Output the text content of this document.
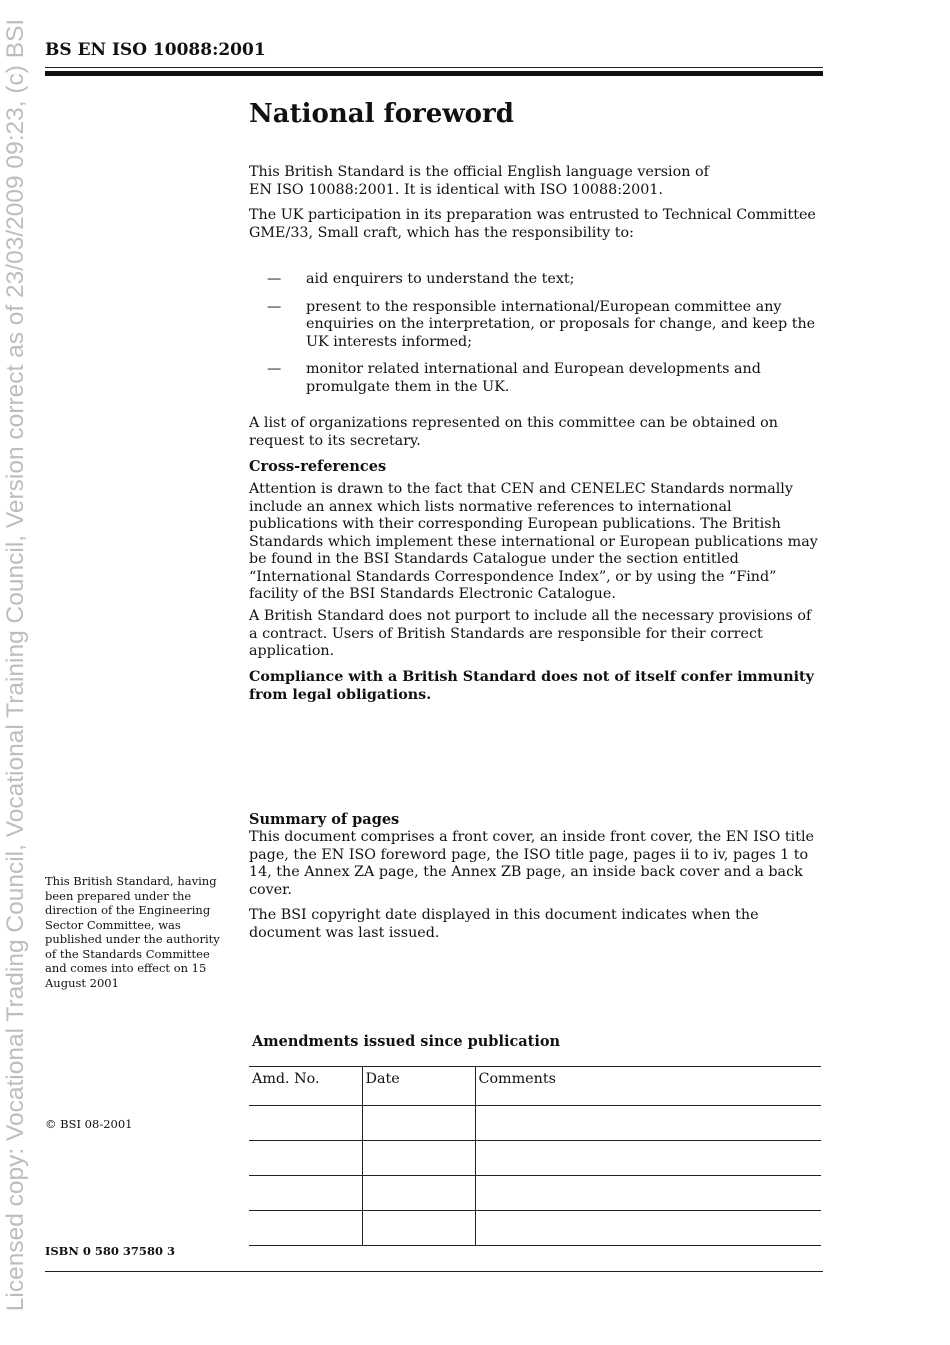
Licensed copy: Vocational Trading Council, Vocational Training Council, Version correct as of 23/03/2009 09:23, (c) BSI BS EN ISO 10088:2001
National foreword

This British Standard is the official English language version of
EN ISO 10088:2001. It is identical with ISO 10088:2001.

The UK participation in its preparation was entrusted to Technical Committee GME/33, Small craft, which has the responsibility to:
— aid enquirers to understand the text;
— present to the responsible international/European committee any enquiries on the interpretation, or proposals for change, and keep the UK interests informed;
— monitor related international and European developments and promulgate them in the UK.
A list of organizations represented on this committee can be obtained on request to its secretary.
Cross-references
Attention is drawn to the fact that CEN and CENELEC Standards normally include an annex which lists normative references to international publications with their corresponding European publications. The British Standards which implement these international or European publications may be found in the BSI Standards Catalogue under the section entitled “International Standards Correspondence Index”, or by using the “Find” facility of the BSI Standards Electronic Catalogue.
A British Standard does not purport to include all the necessary provisions of a contract. Users of British Standards are responsible for their correct application.
Compliance with a British Standard does not of itself confer immunity from legal obligations.
Summary of pages
This document comprises a front cover, an inside front cover, the EN ISO title page, the EN ISO foreword page, the ISO title page, pages ii to iv, pages 1 to 14, the Annex ZA page, the Annex ZB page, an inside back cover and a back cover.
The BSI copyright date displayed in this document indicates when the document was last issued.
This British Standard, having been prepared under the direction of the Engineering Sector Committee, was published under the authority of the Standards Committee and comes into effect on 15 August 2001
© BSI 08-2001
ISBN 0 580 37580 3
Amendments issued since publication
Amd. No.	Date	Comments
